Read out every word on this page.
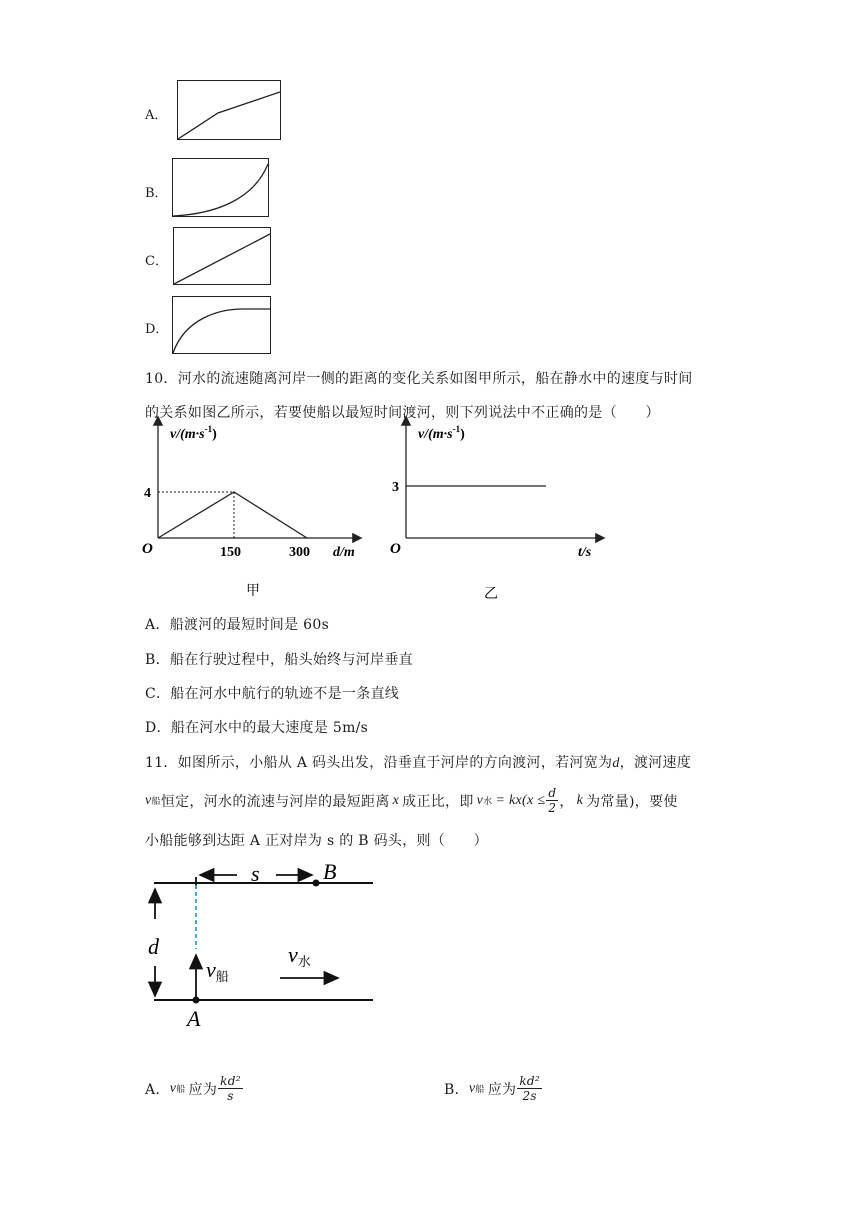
A．
B．
C．
D．
10．河水的流速随离河岸一侧的距离的变化关系如图甲所示，船在静水中的速度与时间
的关系如图乙所示，若要使船以最短时间渡河，则下列说法中不正确的是（　　）
$v/(m\cdot s^{-1})$
O
4
150	300 d/m
甲
$v/(m\cdot s^{-1})$
O
3
t/s
乙
A．船渡河的最短时间是 60s
B．船在行驶过程中，船头始终与河岸垂直
C．船在河水中航行的轨迹不是一条直线
D．船在河水中的最大速度是 5m/s
11．如图所示，小船从 A 码头出发，沿垂直于河岸的方向渡河，若河宽为d，渡河速度
v 船 恒定，河水的流速与河岸的最短距离 x 成正比，即 v 水 = $kx(x \le \frac{d}{2}$ ， k 为常量)，要使
小船能够到达距 A 正对岸为 s 的 B 码头，则（　　）
s	B
v船
A
v水
d
A． v 船 应为 $\frac{\text{kd²}}{s}$	B． v 船 应为 $\frac{\text{kd²}}{2s}$
